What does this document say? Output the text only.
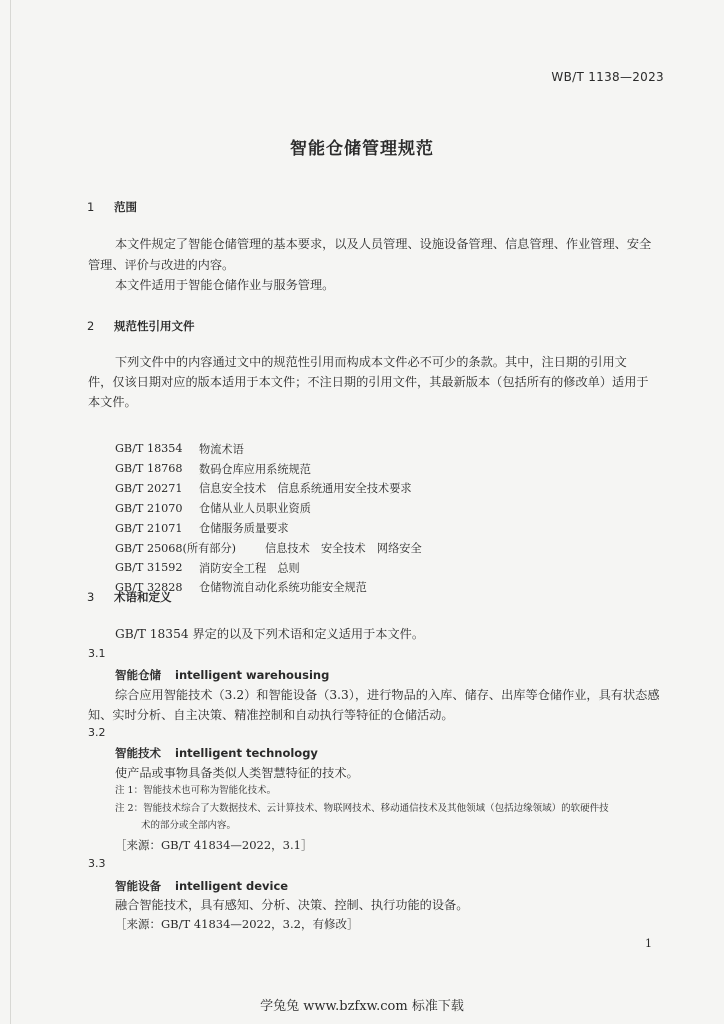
WB/T 1138—2023
智能仓储管理规范
1 范围
本文件规定了智能仓储管理的基本要求，以及人员管理、设施设备管理、信息管理、作业管理、安全
管理、评价与改进的内容。
本文件适用于智能仓储作业与服务管理。
2 规范性引用文件
下列文件中的内容通过文中的规范性引用而构成本文件必不可少的条款。其中，注日期的引用文
件，仅该日期对应的版本适用于本文件；不注日期的引用文件，其最新版本（包括所有的修改单）适用于
本文件。
GB/T 18354	物流术语
GB/T 18768	数码仓库应用系统规范
GB/T 20271	信息安全技术　信息系统通用安全技术要求
GB/T 21070	仓储从业人员职业资质
GB/T 21071	仓储服务质量要求
GB/T 25068(所有部分)	信息技术　安全技术　网络安全
GB/T 31592	消防安全工程　总则
GB/T 32828	仓储物流自动化系统功能安全规范
3 术语和定义
GB/T 18354 界定的以及下列术语和定义适用于本文件。
3.1
智能仓储 intelligent warehousing
综合应用智能技术（3.2）和智能设备（3.3），进行物品的入库、储存、出库等仓储作业，具有状态感
知、实时分析、自主决策、精准控制和自动执行等特征的仓储活动。
3.2
智能技术 intelligent technology
使产品或事物具备类似人类智慧特征的技术。
注 1：智能技术也可称为智能化技术。
注 2：智能技术综合了大数据技术、云计算技术、物联网技术、移动通信技术及其他领域（包括边缘领域）的软硬件技
术的部分或全部内容。
［来源：GB/T 41834—2022，3.1］
3.3
智能设备 intelligent device
融合智能技术，具有感知、分析、决策、控制、执行功能的设备。
［来源：GB/T 41834—2022，3.2，有修改］
1
学兔兔 www.bzfxw.com 标准下载
